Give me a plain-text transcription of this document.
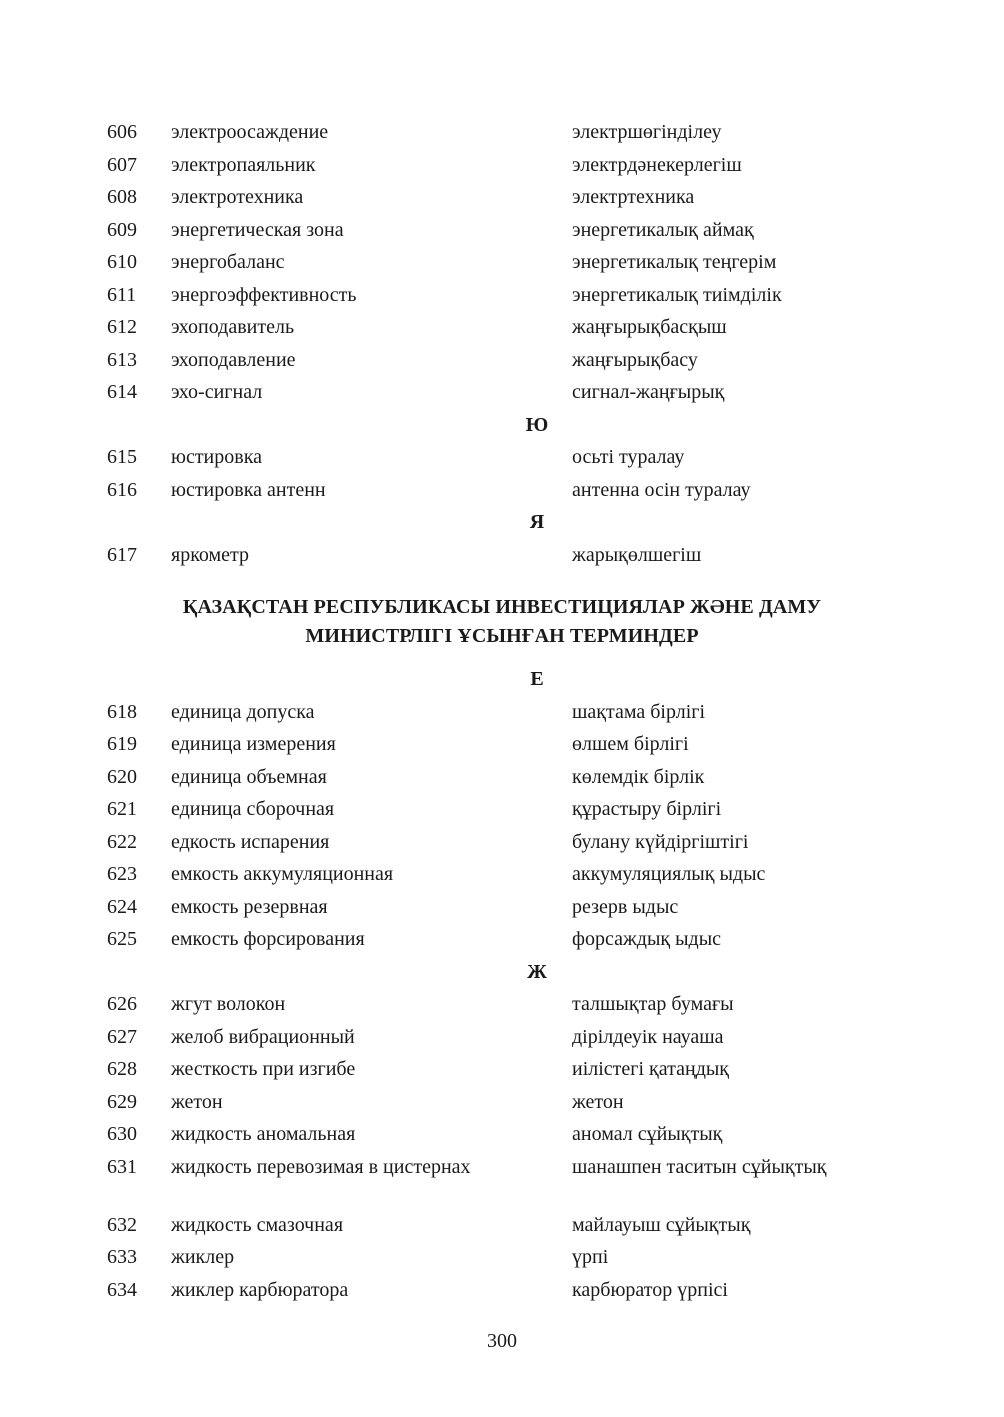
606 электроосаждение	электршөгінділеу
607 электропаяльник	электрдәнекерлегіш
608 электротехника	электртехника
609 энергетическая зона	энергетикалық аймақ
610 энергобаланс	энергетикалық теңгерім
611 энергоэффективность	энергетикалық тиімділік
612 эхоподавитель	жаңғырықбасқыш
613 эхоподавление	жаңғырықбасу
614 эхо-сигнал	сигнал-жаңғырық
Ю
615 юстировка	осьті туралау
616 юстировка антенн	антенна осін туралау
Я
617 яркометр	жарықөлшегіш
ҚАЗАҚСТАН РЕСПУБЛИКАСЫ ИНВЕСТИЦИЯЛАР ЖӘНЕ ДАМУ
МИНИСТРЛІГІ ҰСЫНҒАН ТЕРМИНДЕР
Е
618 единица допуска	шақтама бірлігі
619 единица измерения	өлшем бірлігі
620 единица объемная	көлемдік бірлік
621 единица сборочная	құрастыру бірлігі
622 едкость испарения	булану күйдіргіштігі
623 емкость аккумуляционная	аккумуляциялық ыдыс
624 емкость резервная	резерв ыдыс
625 емкость форсирования	форсаждық ыдыс
Ж
626 жгут волокон	талшықтар бумағы
627 желоб вибрационный	дірілдеуік науаша
628 жесткость при изгибе	иілістегі қатаңдық
629 жетон	жетон
630 жидкость аномальная	аномал сұйықтық
631 жидкость перевозимая в цистернах	шанашпен таситын сұйықтық
632 жидкость смазочная	майлауыш сұйықтық
633 жиклер	үрпі
634 жиклер карбюратора	карбюратор үрпісі
300
